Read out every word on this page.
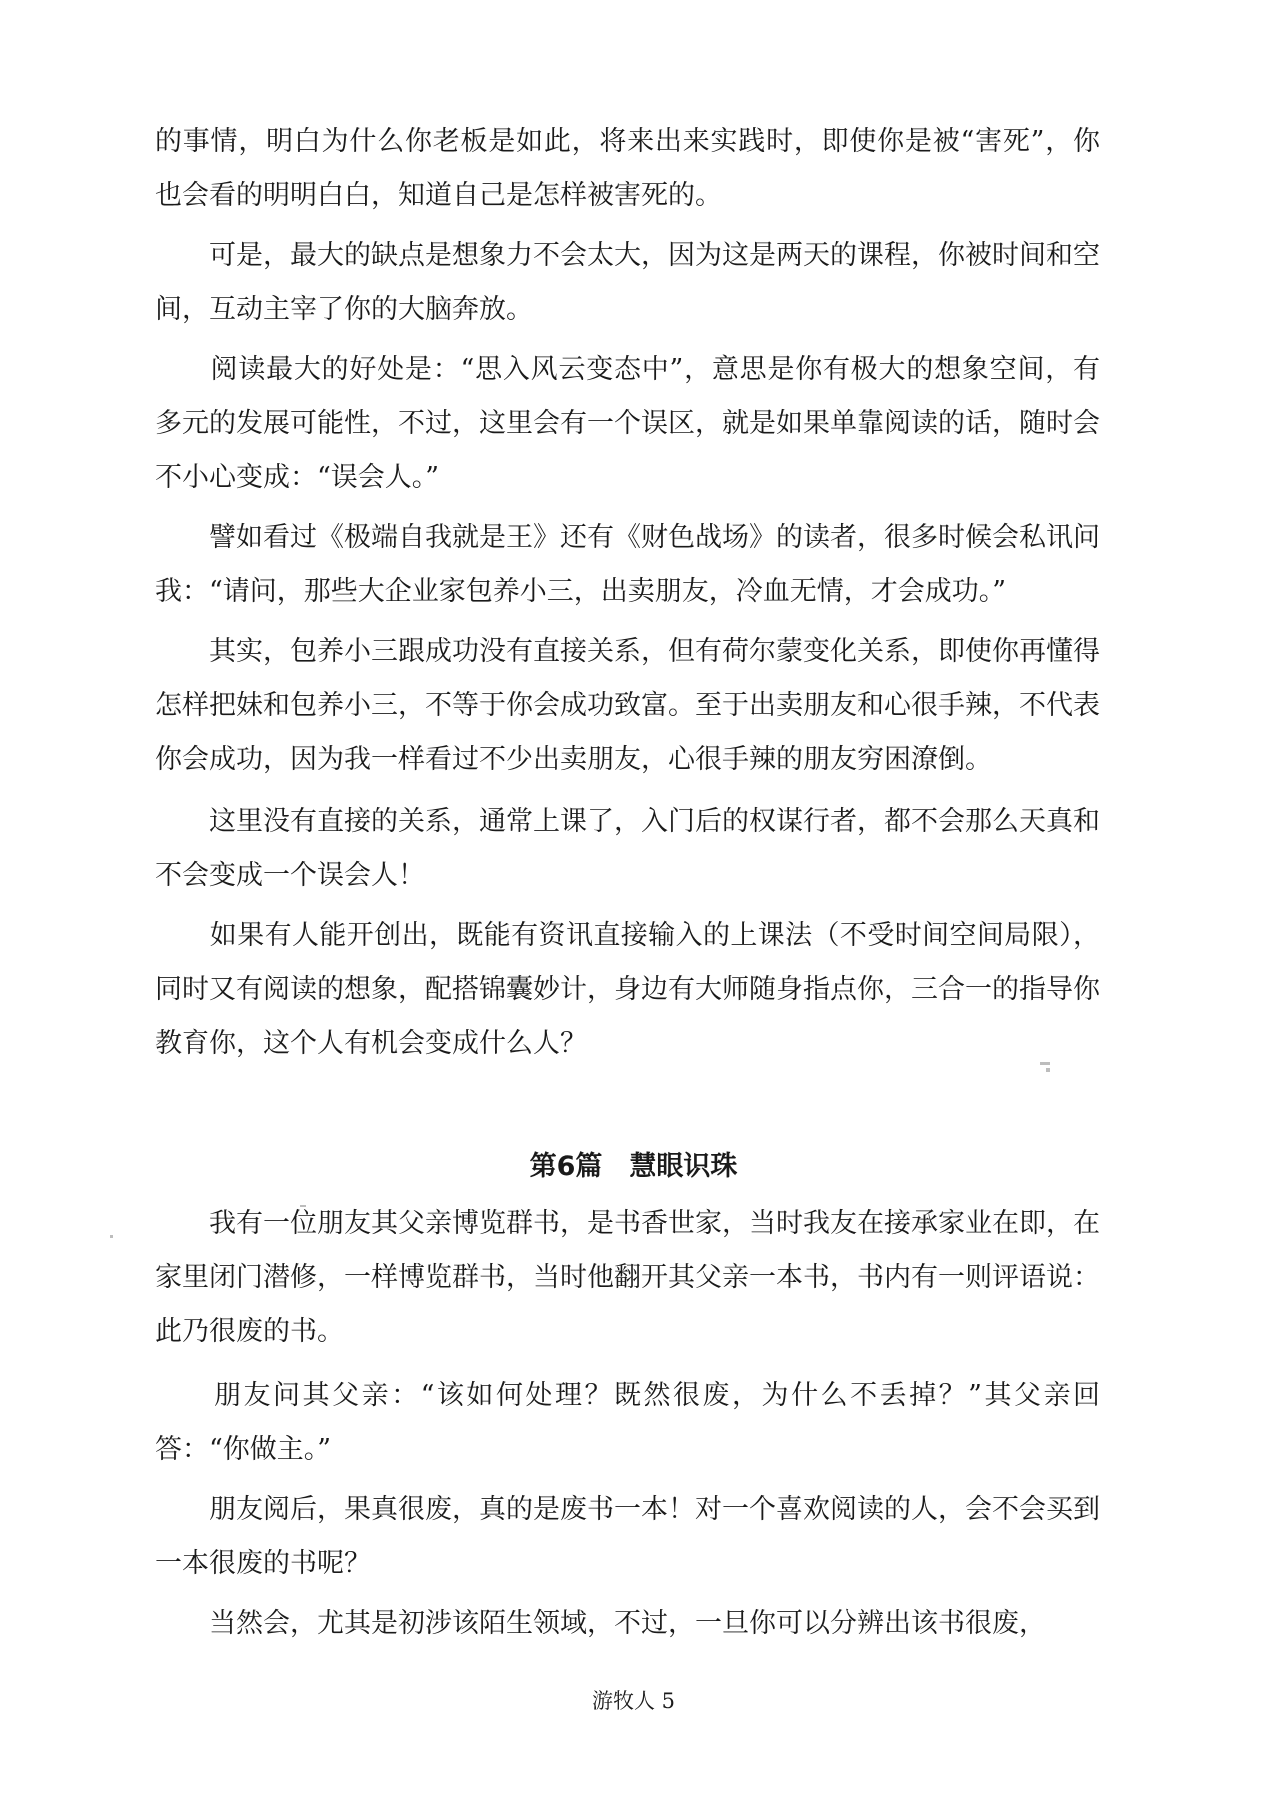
的事情，明白为什么你老板是如此，将来出来实践时，即使你是被“害死”，你也会看的明明白白，知道自己是怎样被害死的。

　　可是，最大的缺点是想象力不会太大，因为这是两天的课程，你被时间和空间，互动主宰了你的大脑奔放。

　　阅读最大的好处是：“思入风云变态中”，意思是你有极大的想象空间，有多元的发展可能性，不过，这里会有一个误区，就是如果单靠阅读的话，随时会不小心变成：“误会人。”

　　譬如看过《极端自我就是王》还有《财色战场》的读者，很多时候会私讯问我：“请问，那些大企业家包养小三，出卖朋友，冷血无情，才会成功。”

　　其实，包养小三跟成功没有直接关系，但有荷尔蒙变化关系，即使你再懂得怎样把妹和包养小三，不等于你会成功致富。至于出卖朋友和心很手辣，不代表你会成功，因为我一样看过不少出卖朋友，心很手辣的朋友穷困潦倒。

　　这里没有直接的关系，通常上课了，入门后的权谋行者，都不会那么天真和不会变成一个误会人！

　　如果有人能开创出，既能有资讯直接输入的上课法（不受时间空间局限），同时又有阅读的想象，配搭锦囊妙计，身边有大师随身指点你，三合一的指导你教育你，这个人有机会变成什么人？

第6篇　慧眼识珠

　　我有一位朋友其父亲博览群书，是书香世家，当时我友在接承家业在即，在家里闭门潜修，一样博览群书，当时他翻开其父亲一本书，书内有一则评语说：此乃很废的书。

　　朋友问其父亲：“该如何处理？既然很废，为什么不丢掉？”其父亲回答：“你做主。”

　　朋友阅后，果真很废，真的是废书一本！对一个喜欢阅读的人，会不会买到一本很废的书呢？

　　当然会，尤其是初涉该陌生领域，不过，一旦你可以分辨出该书很废，

游牧人 5
